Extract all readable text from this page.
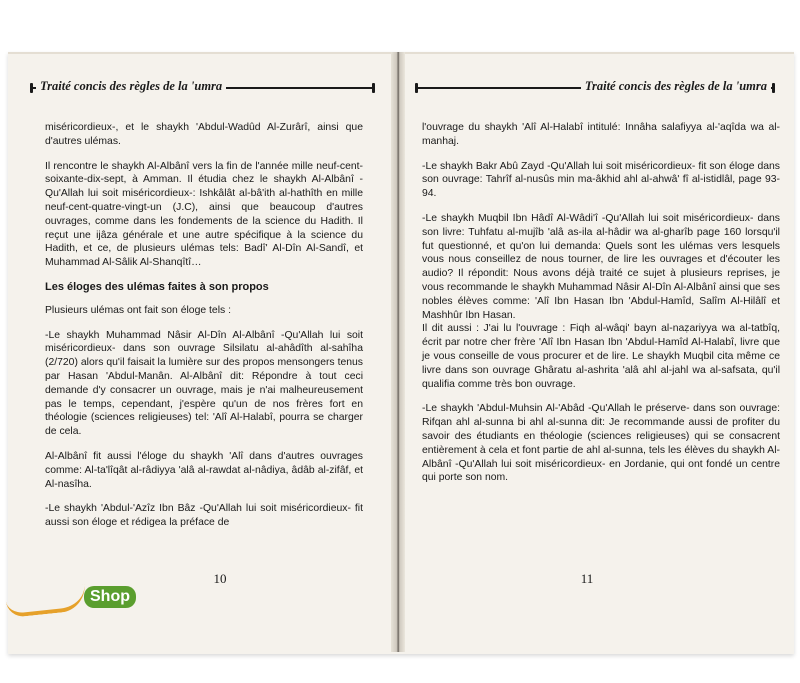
Traité concis des règles de la 'umra

miséricordieux-, et le shaykh 'Abdul-Wadûd Al-Zurârî, ainsi que d'autres ulémas.

Il rencontre le shaykh Al-Albânî vers la fin de l'année mille neuf-cent-soixante-dix-sept, à Amman. Il étudia chez le shaykh Al-Albânî -Qu'Allah lui soit miséricordieux-: Ishkâlât al-bâ'ith al-hathîth en mille neuf-cent-quatre-vingt-un (J.C), ainsi que beaucoup d'autres ouvrages, comme dans les fondements de la science du Hadith. Il reçut une ijâza générale et une autre spécifique à la science du Hadith, et ce, de plusieurs ulémas tels: Badî' Al-Dîn Al-Sandî, et Muhammad Al-Sâlik Al-Shanqîtî…

Les éloges des ulémas faites à son propos

Plusieurs ulémas ont fait son éloge tels :

-Le shaykh Muhammad Nâsir Al-Dîn Al-Albânî -Qu'Allah lui soit miséricordieux- dans son ouvrage Silsilatu al-ahâdîth al-sahîha (2/720) alors qu'il faisait la lumière sur des propos mensongers tenus par Hasan 'Abdul-Manân. Al-Albânî dit: Répondre à tout ceci demande d'y consacrer un ouvrage, mais je n'ai malheureusement pas le temps, cependant, j'espère qu'un de nos frères fort en théologie (sciences religieuses) tel: 'Alî Al-Halabî, pourra se charger de cela.

Al-Albânî fit aussi l'éloge du shaykh 'Alî dans d'autres ouvrages comme: Al-ta'lîqât al-râdiyya 'alâ al-rawdat al-nâdiya, âdâb al-zifâf, et Al-nasîha.

-Le shaykh 'Abdul-'Azîz Ibn Bâz -Qu'Allah lui soit miséricordieux- fit aussi son éloge et rédigea la préface de

10
Traité concis des règles de la 'umra

l'ouvrage du shaykh 'Alî Al-Halabî intitulé: Innâha salafiyya al-'aqîda wa al-manhaj.

-Le shaykh Bakr Abû Zayd -Qu'Allah lui soit miséricordieux- fit son éloge dans son ouvrage: Tahrîf al-nusûs min ma-âkhid ahl al-ahwâ' fî al-istidlâl, page 93-94.

-Le shaykh Muqbil Ibn Hâdî Al-Wâdi'î -Qu'Allah lui soit miséricordieux- dans son livre: Tuhfatu al-mujîb 'alâ as-ila al-hâdir wa al-gharîb page 160 lorsqu'il fut questionné, et qu'on lui demanda: Quels sont les ulémas vers lesquels vous nous conseillez de nous tourner, de lire les ouvrages et d'écouter les audio? Il répondit: Nous avons déjà traité ce sujet à plusieurs reprises, je vous recommande le shaykh Muhammad Nâsir Al-Dîn Al-Albânî ainsi que ses nobles élèves comme: 'Alî Ibn Hasan Ibn 'Abdul-Hamîd, Salîm Al-Hilâlî et Mashhûr Ibn Hasan.

Il dit aussi : J'ai lu l'ouvrage : Fiqh al-wâqi' bayn al-naẓariyya wa al-tatbîq, écrit par notre cher frère 'Alî Ibn Hasan Ibn 'Abdul-Hamîd Al-Halabî, livre que je vous conseille de vous procurer et de lire. Le shaykh Muqbil cita même ce livre dans son ouvrage Ghâratu al-ashrita 'alâ ahl al-jahl wa al-safsata, qu'il qualifia comme très bon ouvrage.

-Le shaykh 'Abdul-Muhsin Al-'Abâd -Qu'Allah le préserve- dans son ouvrage: Rifqan ahl al-sunna bi ahl al-sunna dit: Je recommande aussi de profiter du savoir des étudiants en théologie (sciences religieuses) qui se consacrent entièrement à cela et font partie de ahl al-sunna, tels les élèves du shaykh Al-Albânî -Qu'Allah lui soit miséricordieux- en Jordanie, qui ont fondé un centre qui porte son nom.

11
Shop
